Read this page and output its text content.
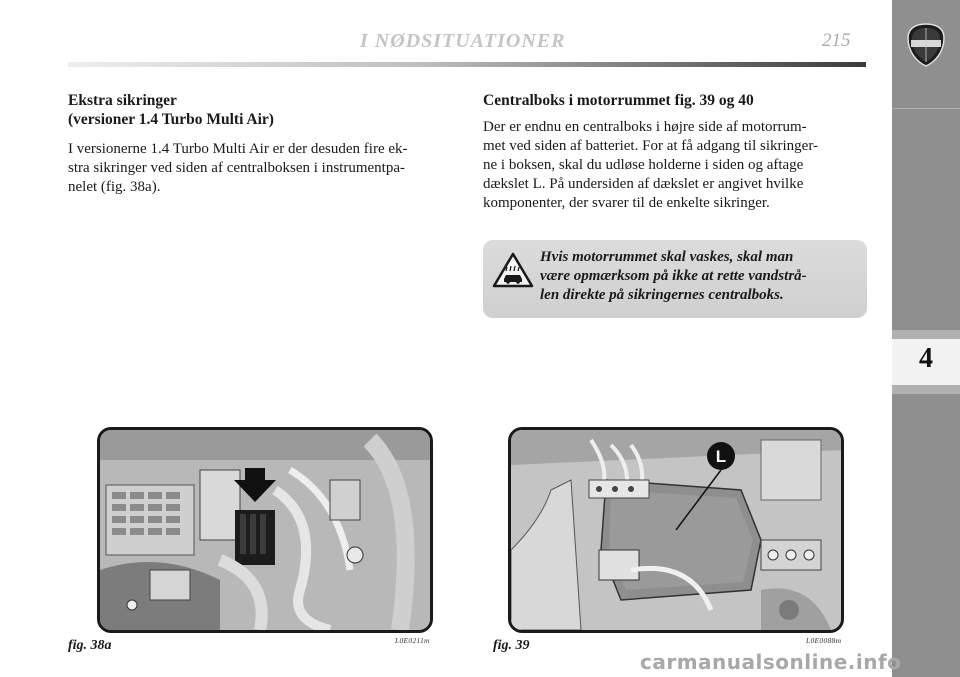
I NØDSITUATIONER	215
4
Ekstra sikringer
(versioner 1.4 Turbo Multi Air)
I versionerne 1.4 Turbo Multi Air er der desuden fire ek-
stra sikringer ved siden af centralboksen i instrumentpa-
nelet (fig. 38a).
Centralboks i motorrummet fig. 39 og 40
Der er endnu en centralboks i højre side af motorrum-
met ved siden af batteriet. For at få adgang til sikringer-
ne i boksen, skal du udløse holderne i siden og aftage
dækslet L. På undersiden af dækslet er angivet hvilke
komponenter, der svarer til de enkelte sikringer.
Hvis motorrummet skal vaskes, skal man
være opmærksom på ikke at rette vandstrå-
len direkte på sikringernes centralboks.
fig. 38a	L0E0211m
L
fig. 39	L0E0088m
carmanualsonline.info
